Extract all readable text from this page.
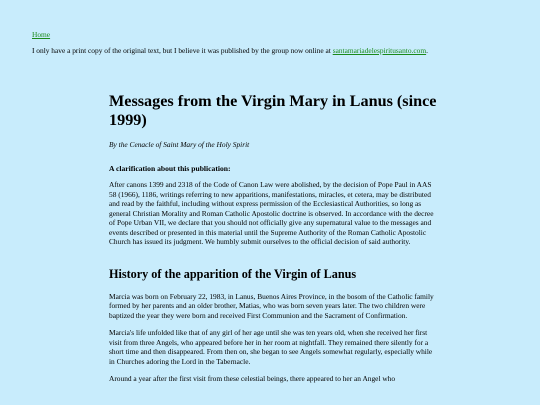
Home
I only have a print copy of the original text, but I believe it was published by the group now online at santamariadelespiritusanto.com.
Messages from the Virgin Mary in Lanus (since 1999)
By the Cenacle of Saint Mary of the Holy Spirit
A clarification about this publication:

After canons 1399 and 2318 of the Code of Canon Law were abolished, by the decision of Pope Paul in AAS 58 (1966), 1186, writings referring to new apparitions, manifestations, miracles, et cetera, may be distributed and read by the faithful, including without express permission of the Ecclesiastical Authorities, so long as general Christian Morality and Roman Catholic Apostolic doctrine is observed. In accordance with the decree of Pope Urban VII, we declare that you should not officially give any supernatural value to the messages and events described or presented in this material until the Supreme Authority of the Roman Catholic Apostolic Church has issued its judgment. We humbly submit ourselves to the official decision of said authority.

History of the apparition of the Virgin of Lanus

Marcia was born on February 22, 1983, in Lanus, Buenos Aires Province, in the bosom of the Catholic family formed by her parents and an older brother, Matias, who was born seven years later. The two children were baptized the year they were born and received First Communion and the Sacrament of Confirmation.

Marcia's life unfolded like that of any girl of her age until she was ten years old, when she received her first visit from three Angels, who appeared before her in her room at nightfall. They remained there silently for a short time and then disappeared. From then on, she began to see Angels somewhat regularly, especially while in Churches adoring the Lord in the Tabernacle.

Around a year after the first visit from these celestial beings, there appeared to her an Angel who
